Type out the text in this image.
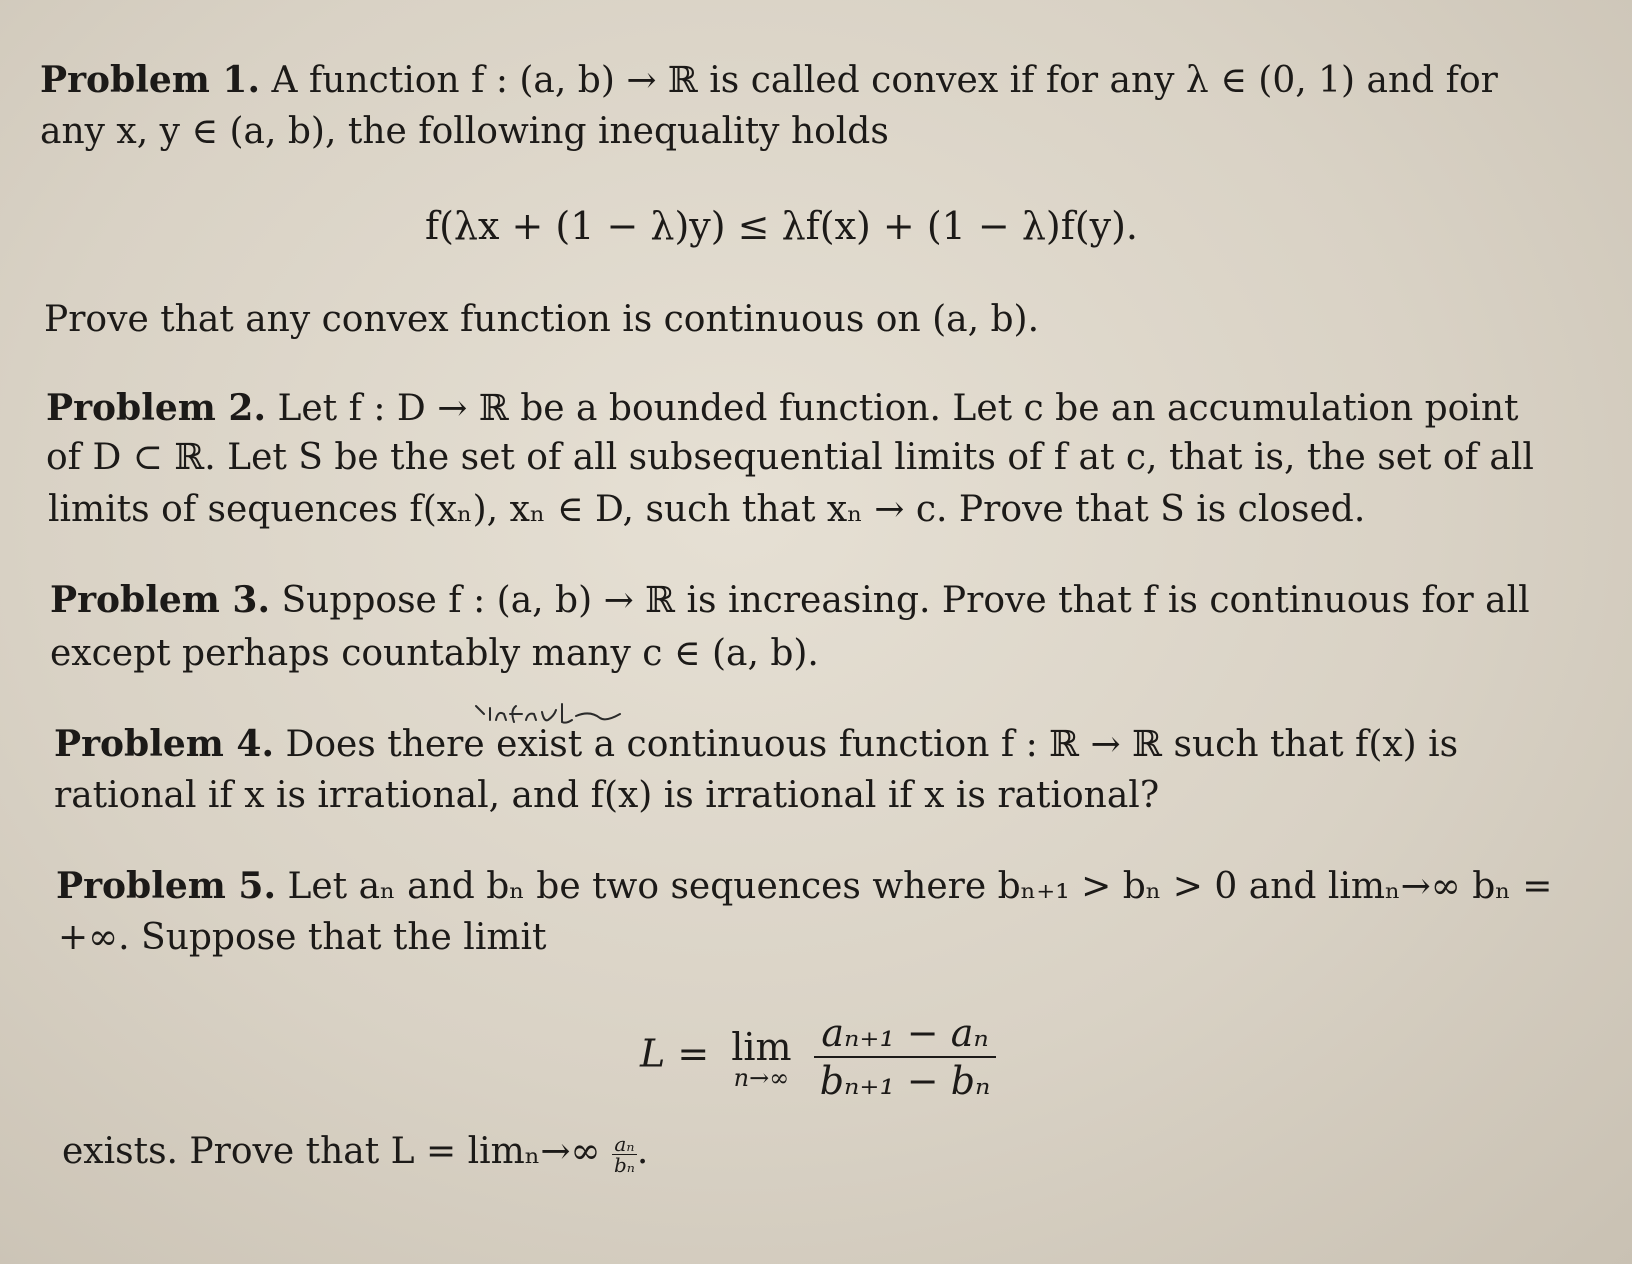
Problem 1. A function f : (a, b) → ℝ is called convex if for any λ ∈ (0, 1) and for
any x, y ∈ (a, b), the following inequality holds
f(λx + (1 − λ)y) ≤ λf(x) + (1 − λ)f(y).
Prove that any convex function is continuous on (a, b).
Problem 2. Let f : D → ℝ be a bounded function. Let c be an accumulation point
of D ⊂ ℝ. Let S be the set of all subsequential limits of f at c, that is, the set of all
limits of sequences f(xₙ), xₙ ∈ D, such that xₙ → c. Prove that S is closed.
Problem 3. Suppose f : (a, b) → ℝ is increasing. Prove that f is continuous for all
except perhaps countably many c ∈ (a, b).
Problem 4. Does there exist a continuous function f : ℝ → ℝ such that f(x) is
rational if x is irrational, and f(x) is irrational if x is rational?
Problem 5. Let aₙ and bₙ be two sequences where bₙ₊₁ > bₙ > 0 and limₙ→∞ bₙ =
+∞. Suppose that the limit
L = lim
n→∞
$\frac{\text{aₙ₊₁ − aₙ}}{\text{bₙ₊₁ − bₙ}}$
exists. Prove that $L = \lim_n\to\infty \frac{\text{aₙ}}{\text{bₙ}}$ .
